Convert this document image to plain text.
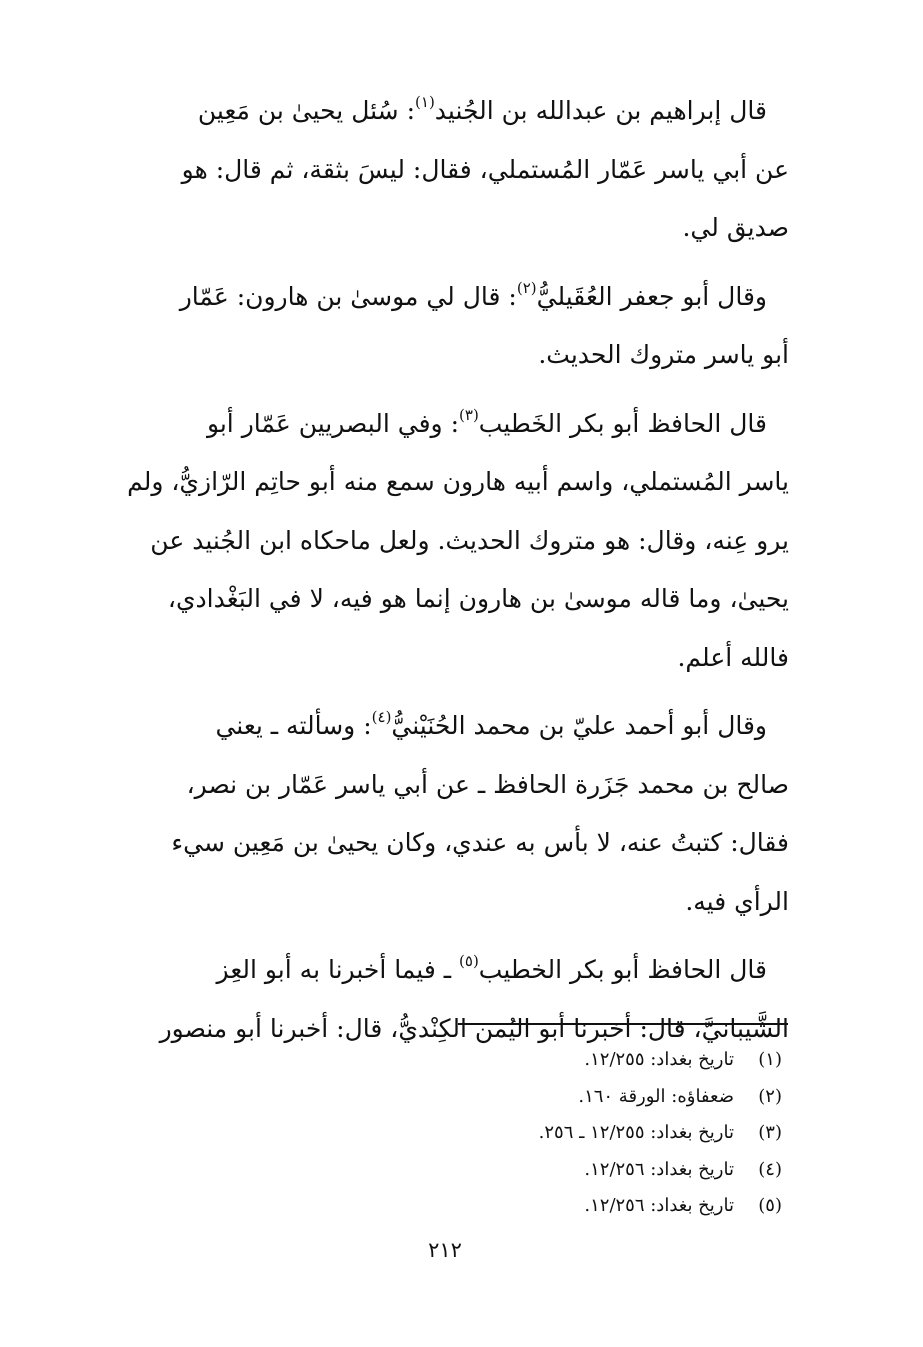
قال إبراهيم بن عبدالله بن الجُنيد$^{(١)}$: سُئل يحيىٰ بن مَعِين
عن أبي ياسر عَمّار المُستملي، فقال: ليسَ بثقة، ثم قال: هو
صديق لي.

وقال أبو جعفر العُقَيليُّ$^{(٢)}$: قال لي موسىٰ بن هارون: عَمّار
أبو ياسر متروك الحديث.

قال الحافظ أبو بكر الخَطيب$^{(٣)}$: وفي البصريين عَمّار أبو
ياسر المُستملي، واسم أبيه هارون سمع منه أبو حاتِم الرّازيُّ، ولم
يرو عِنه، وقال: هو متروك الحديث. ولعل ماحكاه ابن الجُنيد عن
يحيىٰ، وما قاله موسىٰ بن هارون إنما هو فيه، لا في البَغْدادي،
فالله أعلم.

وقال أبو أحمد عليّ بن محمد الحُنَيْنيُّ$^{(٤)}$: وسألته ـ يعني
صالح بن محمد جَزَرة الحافظ ـ عن أبي ياسر عَمّار بن نصر،
فقال: كتبتُ عنه، لا بأس به عندي، وكان يحيىٰ بن مَعِين سيء
الرأي فيه.

قال الحافظ أبو بكر الخطيب$^{(٥)}$ ـ فيما أخبرنا به أبو العِز
الشَّيبانيَّ، قال: أخبرنا أبو اليُمن الكِنْديُّ، قال: أخبرنا أبو منصور

(١)تاريخ بغداد: ١٢/٢٥٥.
(٢)ضعفاؤه: الورقة ١٦٠.
(٣)تاريخ بغداد: ١٢/٢٥٥ ـ ٢٥٦.
(٤)تاريخ بغداد: ١٢/٢٥٦.
(٥)تاريخ بغداد: ١٢/٢٥٦.
٢١٢
